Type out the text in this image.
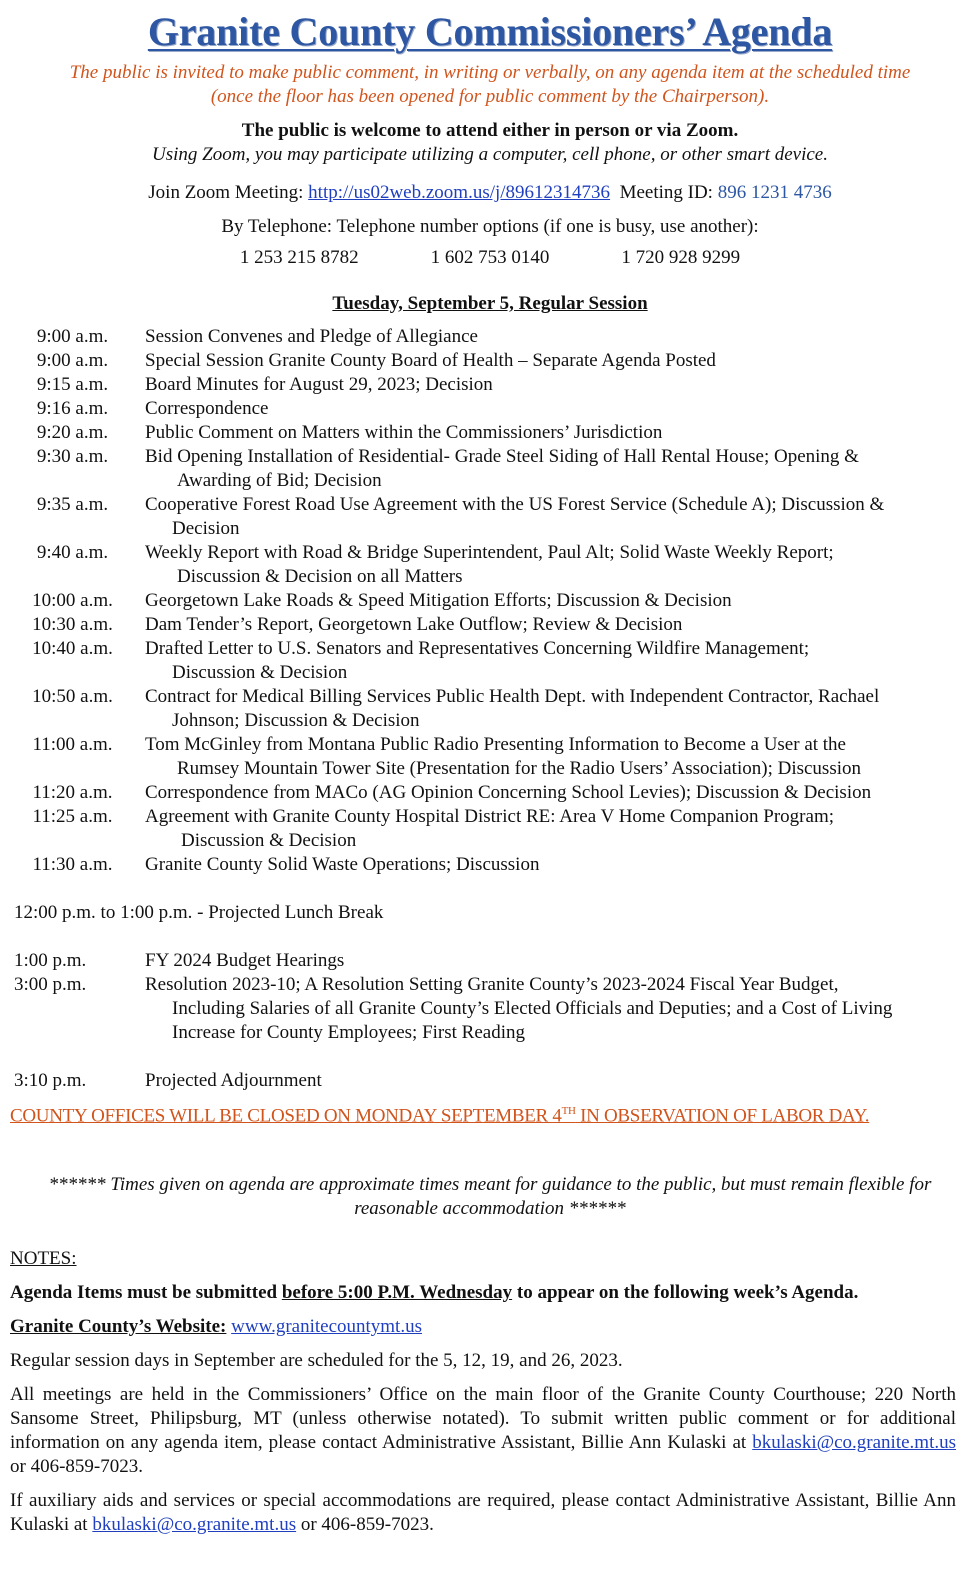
Granite County Commissioners’ Agenda
The public is invited to make public comment, in writing or verbally, on any agenda item at the scheduled time
(once the floor has been opened for public comment by the Chairperson).
The public is welcome to attend either in person or via Zoom.
Using Zoom, you may participate utilizing a computer, cell phone, or other smart device.
Join Zoom Meeting: http://us02web.zoom.us/j/89612314736 Meeting ID: 896 1231 4736
By Telephone: Telephone number options (if one is busy, use another):
1 253 215 8782	1 602 753 0140	1 720 928 9299
Tuesday, September 5, Regular Session
9:00 a.m.	Session Convenes and Pledge of Allegiance
9:00 a.m.	Special Session Granite County Board of Health – Separate Agenda Posted
9:15 a.m.	Board Minutes for August 29, 2023; Decision
9:16 a.m.	Correspondence
9:20 a.m.	Public Comment on Matters within the Commissioners’ Jurisdiction
9:30 a.m.	Bid Opening Installation of Residential- Grade Steel Siding of Hall Rental House; Opening &
Awarding of Bid; Decision
9:35 a.m.	Cooperative Forest Road Use Agreement with the US Forest Service (Schedule A); Discussion &
Decision
9:40 a.m.	Weekly Report with Road & Bridge Superintendent, Paul Alt; Solid Waste Weekly Report;
Discussion & Decision on all Matters
10:00 a.m.	Georgetown Lake Roads & Speed Mitigation Efforts; Discussion & Decision
10:30 a.m.	Dam Tender’s Report, Georgetown Lake Outflow; Review & Decision
10:40 a.m.	Drafted Letter to U.S. Senators and Representatives Concerning Wildfire Management;
Discussion & Decision
10:50 a.m.	Contract for Medical Billing Services Public Health Dept. with Independent Contractor, Rachael
Johnson; Discussion & Decision
11:00 a.m.	Tom McGinley from Montana Public Radio Presenting Information to Become a User at the
Rumsey Mountain Tower Site (Presentation for the Radio Users’ Association); Discussion
11:20 a.m.	Correspondence from MACo (AG Opinion Concerning School Levies); Discussion & Decision
11:25 a.m.	Agreement with Granite County Hospital District RE: Area V Home Companion Program;
Discussion & Decision
11:30 a.m.	Granite County Solid Waste Operations; Discussion
12:00 p.m. to 1:00 p.m. - Projected Lunch Break
1:00 p.m.	FY 2024 Budget Hearings
3:00 p.m.	Resolution 2023-10; A Resolution Setting Granite County’s 2023-2024 Fiscal Year Budget,
Including Salaries of all Granite County’s Elected Officials and Deputies; and a Cost of Living
Increase for County Employees; First Reading
3:10 p.m.	Projected Adjournment
COUNTY OFFICES WILL BE CLOSED ON MONDAY SEPTEMBER 4TH IN OBSERVATION OF LABOR DAY.
****** Times given on agenda are approximate times meant for guidance to the public, but must remain flexible for reasonable accommodation ******
NOTES:

Agenda Items must be submitted before 5:00 P.M. Wednesday to appear on the following week’s Agenda.

Granite County’s Website: www.granitecountymt.us

Regular session days in September are scheduled for the 5, 12, 19, and 26, 2023.

All meetings are held in the Commissioners’ Office on the main floor of the Granite County Courthouse; 220 North Sansome Street, Philipsburg, MT (unless otherwise notated). To submit written public comment or for additional information on any agenda item, please contact Administrative Assistant, Billie Ann Kulaski at bkulaski@co.granite.mt.us or 406-859-7023.

If auxiliary aids and services or special accommodations are required, please contact Administrative Assistant, Billie Ann Kulaski at bkulaski@co.granite.mt.us or 406-859-7023.
